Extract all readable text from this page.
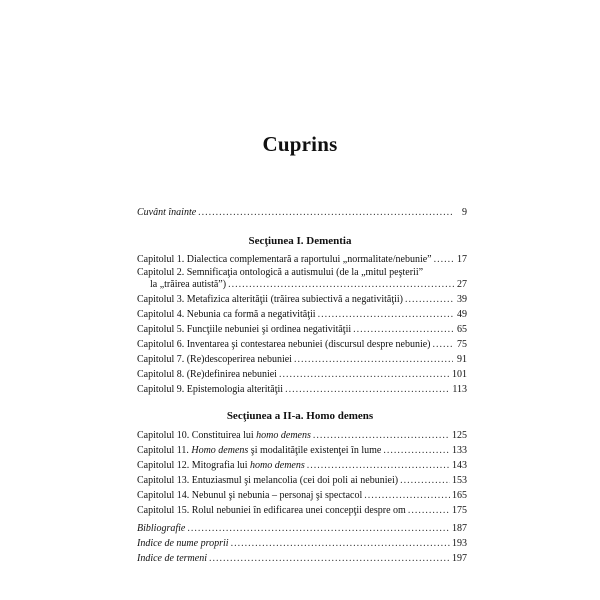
Cuprins
Cuvânt înainte .....	9
Secţiunea I. Dementia
Capitolul 1. Dialectica complementară a raportului „normalitate/nebunie” .....	17
Capitolul 2. Semnificaţia ontologică a autismului (de la „mitul peşterii”
la „trăirea autistă”) .....	27
Capitolul 3. Metafizica alterităţii (trăirea subiectivă a negativităţii) .....	39
Capitolul 4. Nebunia ca formă a negativităţii .....	49
Capitolul 5. Funcţiile nebuniei şi ordinea negativităţii .....	65
Capitolul 6. Inventarea şi contestarea nebuniei (discursul despre nebunie) .....	75
Capitolul 7. (Re)descoperirea nebuniei .....	91
Capitolul 8. (Re)definirea nebuniei .....	101
Capitolul 9. Epistemologia alterităţii .....	113
Secţiunea a II-a. Homo demens
Capitolul 10. Constituirea lui homo demens .....	125
Capitolul 11. Homo demens şi modalităţile existenţei în lume .....	133
Capitolul 12. Mitografia lui homo demens .....	143
Capitolul 13. Entuziasmul şi melancolia (cei doi poli ai nebuniei) .....	153
Capitolul 14. Nebunul şi nebunia – personaj şi spectacol .....	165
Capitolul 15. Rolul nebuniei în edificarea unei concepţii despre om .....	175
Bibliografie .....	187
Indice de nume proprii .....	193
Indice de termeni .....	197
